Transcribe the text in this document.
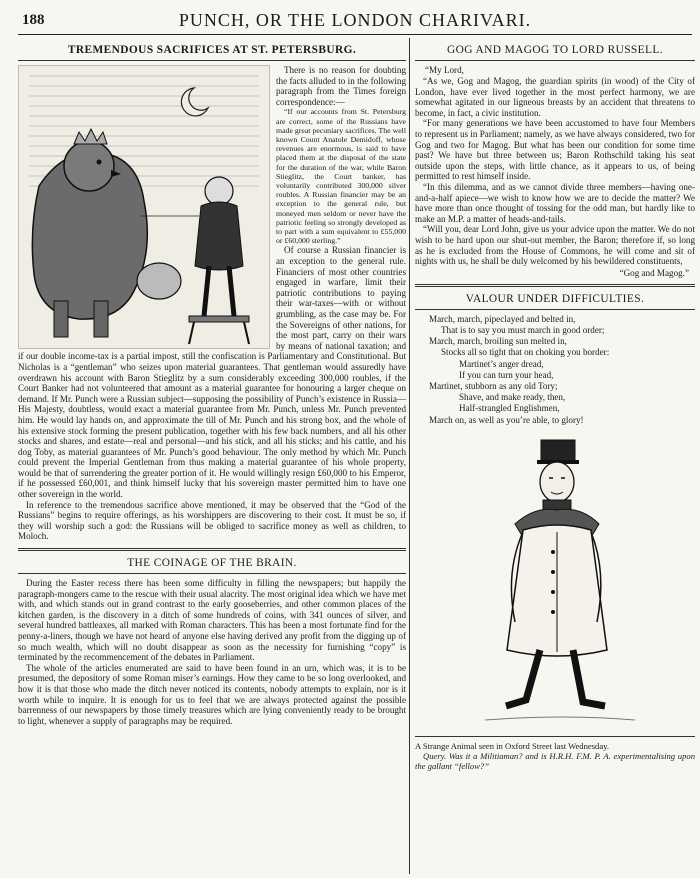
188	PUNCH, OR THE LONDON CHARIVARI.
TREMENDOUS SACRIFICES AT ST. PETERSBURG.

There is no reason for doubting the facts alluded to in the following paragraph from the Times foreign correspondence:—

“If our accounts from St. Petersburg are correct, some of the Russians have made great pecuniary sacrifices. The well known Count Anatole Demidoff, whose revenues are enormous, is said to have placed them at the disposal of the state for the duration of the war, while Baron Stieglitz, the Court banker, has voluntarily contributed 300,000 silver roubles. A Russian financier may be an exception to the general rule, but moneyed men seldom or never have the patriotic feeling so strongly developed as to part with a sum equivalent to £55,000 or £60,000 sterling.”

Of course a Russian financier is an exception to the general rule. Financiers of most other countries engaged in warfare, limit their patriotic contributions to paying their war-taxes—with or without grumbling, as the case may be. For the Sovereigns of other nations, for the most part, carry on their wars by means of national taxation; and if our double income-tax is a partial impost, still the confiscation is Parliamentary and Constitutional. But Nicholas is a “gentleman” who seizes upon material guarantees. That gentleman would assuredly have overdrawn his account with Baron Stieglitz by a sum considerably exceeding 300,000 roubles, if the Court Banker had not volunteered that amount as a material guarantee for honouring a larger cheque on demand. If Mr. Punch were a Russian subject—supposing the possibility of Punch’s existence in Russia—His Majesty, doubtless, would exact a material guarantee from Mr. Punch, unless Mr. Punch prevented him. He would lay hands on, and approximate the till of Mr. Punch and his strong box, and the whole of his extensive stock forming the present publication, together with his few back numbers, and all his other stocks and shares, and estate—real and personal—and his stick, and all his sticks; and his cattle, and his dog Toby, as material guarantees of Mr. Punch’s good behaviour. The only method by which Mr. Punch could prevent the Imperial Gentleman from thus making a material guarantee of his whole property, would be that of surrendering the greater portion of it. He would willingly resign £60,000 to his Emperor, if he possessed £60,001, and think himself lucky that his sovereign master permitted him to have one other sovereign in the world.

In reference to the tremendous sacrifice above mentioned, it may be observed that the “God of the Russians” begins to require offerings, as his worshippers are discovering to their cost. It must be so, if they will worship such a god: the Russians will be obliged to sacrifice money as well as children, to Moloch.

THE COINAGE OF THE BRAIN.

During the Easter recess there has been some difficulty in filling the newspapers; but happily the paragraph-mongers came to the rescue with their usual alacrity. The most original idea which we have met with, and which stands out in grand contrast to the early gooseberries, and other common places of the kitchen garden, is the discovery in a ditch of some hundreds of coins, with 341 ounces of silver, and several hundred battleaxes, all marked with Roman characters. This has been a most fortunate find for the penny-a-liners, though we have not heard of anyone else having derived any profit from the digging up of so much wealth, which will no doubt disappear as soon as the necessity for furnishing “copy” is terminated by the recommencement of the debates in Parliament.

The whole of the articles enumerated are said to have been found in an urn, which was, it is to be presumed, the depository of some Roman miser’s earnings. How they came to be so long overlooked, and how it is that those who made the ditch never noticed its contents, nobody attempts to explain, nor is it worth while to inquire. It is enough for us to feel that we are always protected against the possible barrenness of our newspapers by those timely treasures which are lying conveniently ready to be brought to light, whenever a supply of paragraphs may be required.

GOG AND MAGOG TO LORD RUSSELL.
“My Lord,

“As we, Gog and Magog, the guardian spirits (in wood) of the City of London, have ever lived together in the most perfect harmony, we are somewhat agitated in our ligneous breasts by an accident that threatens to become, in fact, a civic institution.

“For many generations we have been accustomed to have four Members to represent us in Parliament; namely, as we have always considered, two for Gog and two for Magog. But what has been our condition for some time past? We have but three between us; Baron Rothschild taking his seat outside upon the steps, with little chance, as it appears to us, of being permitted to rest himself inside.

“In this dilemma, and as we cannot divide three members—having one-and-a-half apiece—we wish to know how we are to decide the matter? We have more than once thought of tossing for the odd man, but hardly like to make an M.P. a matter of heads-and-tails.

“Will you, dear Lord John, give us your advice upon the matter. We do not wish to be hard upon our shut-out member, the Baron; therefore if, so long as he is excluded from the House of Commons, he will come and sit of nights with us, he shall be duly welcomed by his bewildered constituents,

“Gog and Magog.”
VALOUR UNDER DIFFICULTIES.
March, march, pipeclayed and belted in,
That is to say you must march in good order;
March, march, broiling sun melted in,
Stocks all so tight that on choking you border:
Martinet’s anger dread,
If you can turn your head,
Martinet, stubborn as any old Tory;
Shave, and make ready, then,
Half-strangled Englishmen,
March on, as well as you’re able, to glory!

A Strange Animal seen in Oxford Street last Wednesday.

Query. Was it a Militiaman? and is H.R.H. F.M. P. A. experimentalising upon the gallant “fellow?”
